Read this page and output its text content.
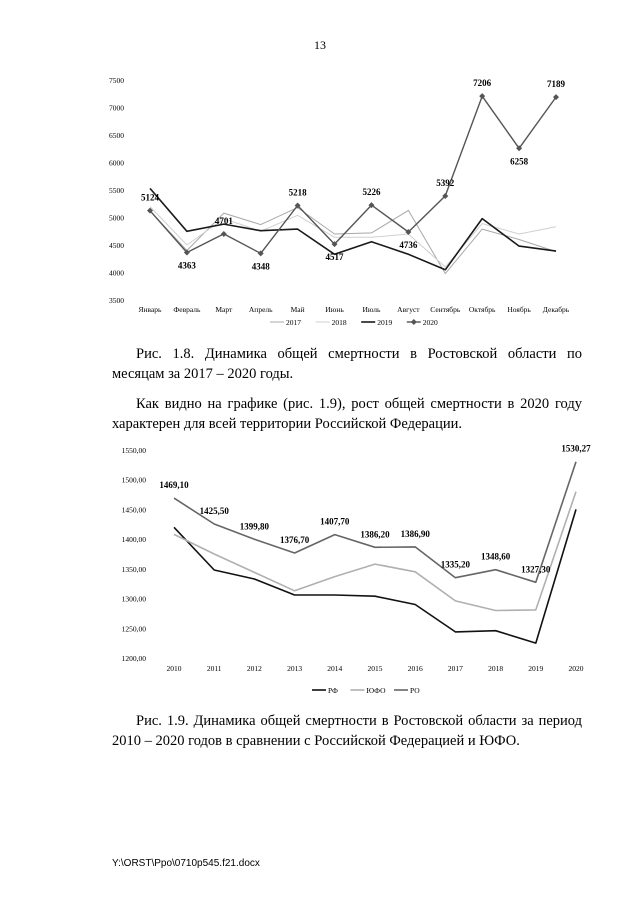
13
3500
4000
4500
5000
5500
6000
6500
7000
7500
Январь Февраль Март Апрель Май	Июнь Июль Август Сентябрь Октябрь Ноябрь Декабрь
5124
4363
4701
4348
5218
4517
5226
4736
5392
7206
6258
7189
2017	2018	2019	2020

Рис. 1.8. Динамика общей смертности в Ростовской области по месяцам за 2017 – 2020 годы.

Как видно на графике (рис. 1.9), рост общей смертности в 2020 году характерен для всей территории Российской Федерации.

1200,00
1250,00
1300,00
1350,00
1400,00
1450,00
1500,00
1550,00
2010	2011	2012	2013	2014	2015	2016	2017	2018	2019	2020
1469,10
1425,50
1399,80
1376,70
1407,70
1386,20 1386,90
1335,20
1348,60
1327,30
1530,27
РФ	ЮФО	РО

Рис. 1.9. Динамика общей смертности в Ростовской области за период 2010 – 2020 годов в сравнении с Российской Федерацией и ЮФО.

Y:\ORST\Ppo\0710p545.f21.docx
